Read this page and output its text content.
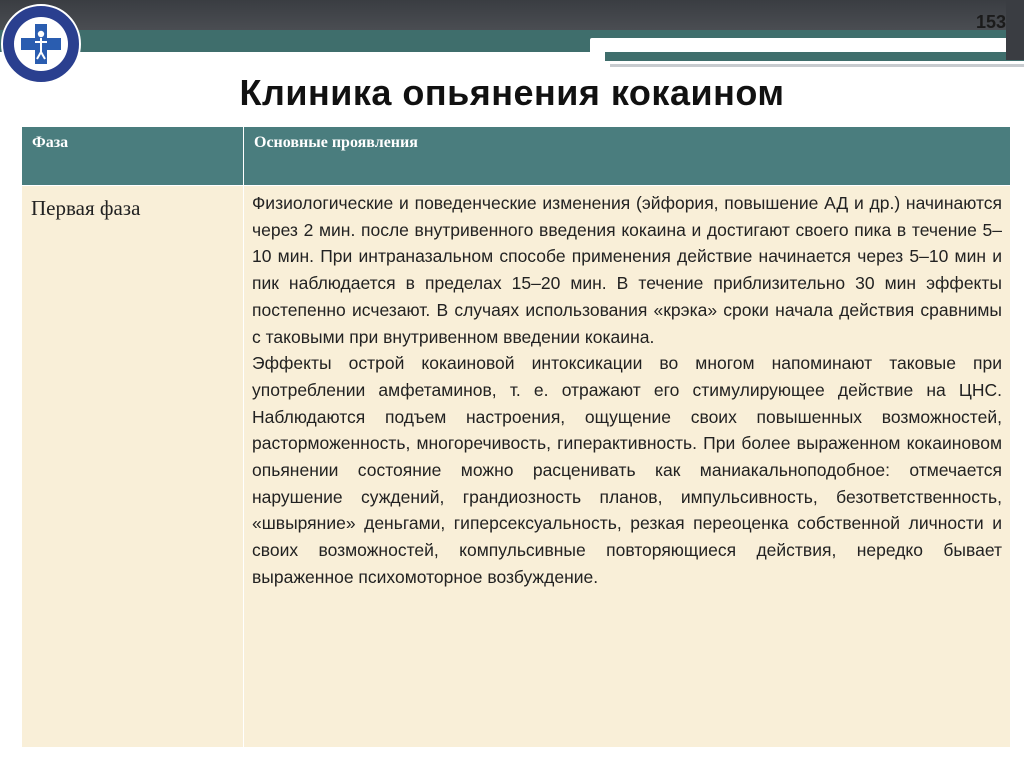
153
Клиника опьянения кокаином
Фаза	Основные проявления
Первая фаза	Физиологические и поведенческие изменения (эйфория, повышение АД и др.) начинаются через 2 мин. после внутривенного введения кокаина и достигают своего пика в течение 5–10 мин. При интраназальном способе применения действие начинается через 5–10 мин и пик наблюдается в пределах 15–20 мин. В течение приблизительно 30 мин эффекты постепенно исчезают. В случаях использования «крэка» сроки начала действия сравнимы с таковыми при внутривенном введении кокаина.

Эффекты острой кокаиновой интоксикации во многом напоминают таковые при употреблении амфетаминов, т. е. отражают его стимулирующее действие на ЦНС. Наблюдаются подъем настроения, ощущение своих повышенных возможностей, расторможенность, многоречивость, гиперактивность. При более выраженном кокаиновом опьянении состояние можно расценивать как маниакальноподобное: отмечается нарушение суждений, грандиозность планов, импульсивность, безответственность, «швыряние» деньгами, гиперсексуальность, резкая переоценка собственной личности и своих возможностей, компульсивные повторяющиеся действия, нередко бывает выраженное психомоторное возбуждение.
